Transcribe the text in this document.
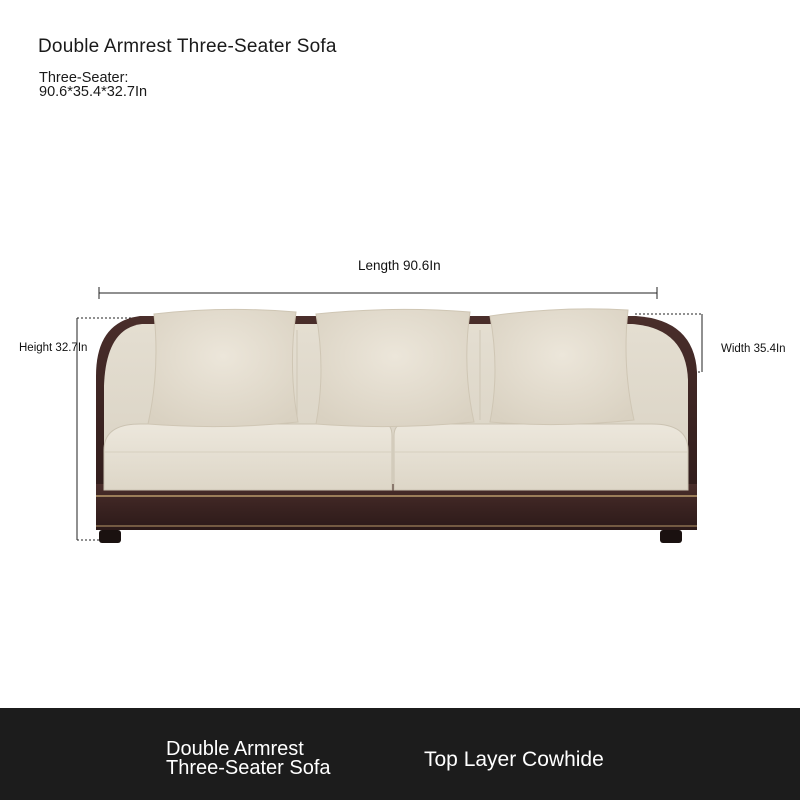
Double Armrest Three-Seater Sofa
Three-Seater:
90.6*35.4*32.7In
Length 90.6In
Height 32.7In	Width 35.4In
Double Armrest
Three-Seater Sofa	Top Layer Cowhide
